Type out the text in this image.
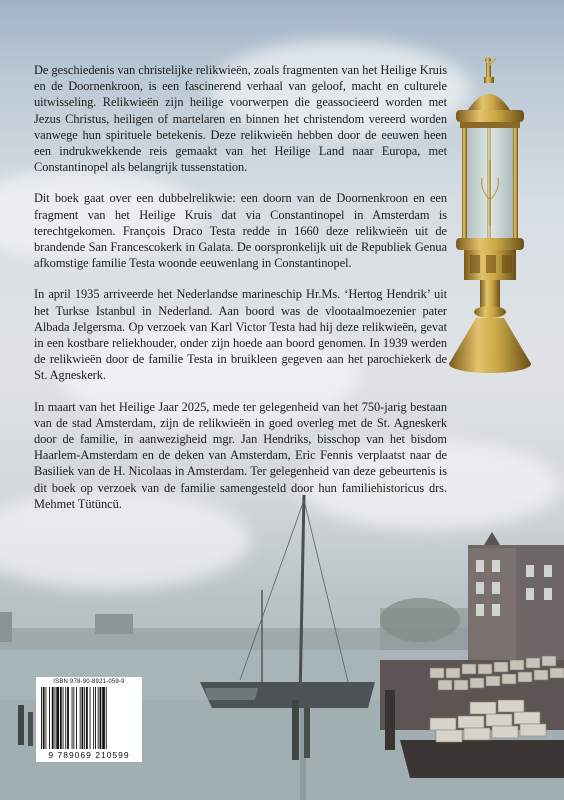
De geschiedenis van christelijke relikwieën, zoals fragmenten van het Heilige Kruis en de Doornenkroon, is een fascinerend verhaal van geloof, macht en culturele uitwisseling. Relikwieën zijn heilige voorwerpen die geassocieerd worden met Jezus Christus, heiligen of martelaren en binnen het christendom vereerd worden vanwege hun spirituele betekenis. Deze relikwieën hebben door de eeuwen heen een indrukwekkende reis gemaakt van het Heilige Land naar Europa, met Constantinopel als belangrijk tussenstation.

Dit boek gaat over een dubbelrelikwie: een doorn van de Doornenkroon en een fragment van het Heilige Kruis dat via Constantinopel in Amsterdam is terechtgekomen. François Draco Testa redde in 1660 deze relikwieën uit de brandende San Francescokerk in Galata. De oorspronkelijk uit de Republiek Genua afkomstige familie Testa woonde eeuwenlang in Constantinopel.

In april 1935 arriveerde het Nederlandse marineschip Hr.Ms. ‘Hertog Hendrik’ uit het Turkse Istanbul in Nederland. Aan boord was de vlootaalmoezenier pater Albada Jelgersma. Op verzoek van Karl Victor Testa had hij deze relikwieën, gevat in een kostbare reliekhouder, onder zijn hoede aan boord genomen. In 1939 werden de relikwieën door de familie Testa in bruikleen gegeven aan het parochiekerk de St. Agneskerk.

In maart van het Heilige Jaar 2025, mede ter gelegenheid van het 750-jarig bestaan van de stad Amsterdam, zijn de relikwieën in goed overleg met de St. Agneskerk door de familie, in aanwezigheid mgr. Jan Hendriks, bisschop van het bisdom Haarlem-Amsterdam en de deken van Amsterdam, Eric Fennis verplaatst naar de Basiliek van de H. Nicolaas in Amsterdam. Ter gelegenheid van deze gebeurtenis is dit boek op verzoek van de familie samengesteld door hun familiehistoricus drs. Mehmet Tütüncü.

ISBN 978-90-8921-059-9
9 789069 210599
